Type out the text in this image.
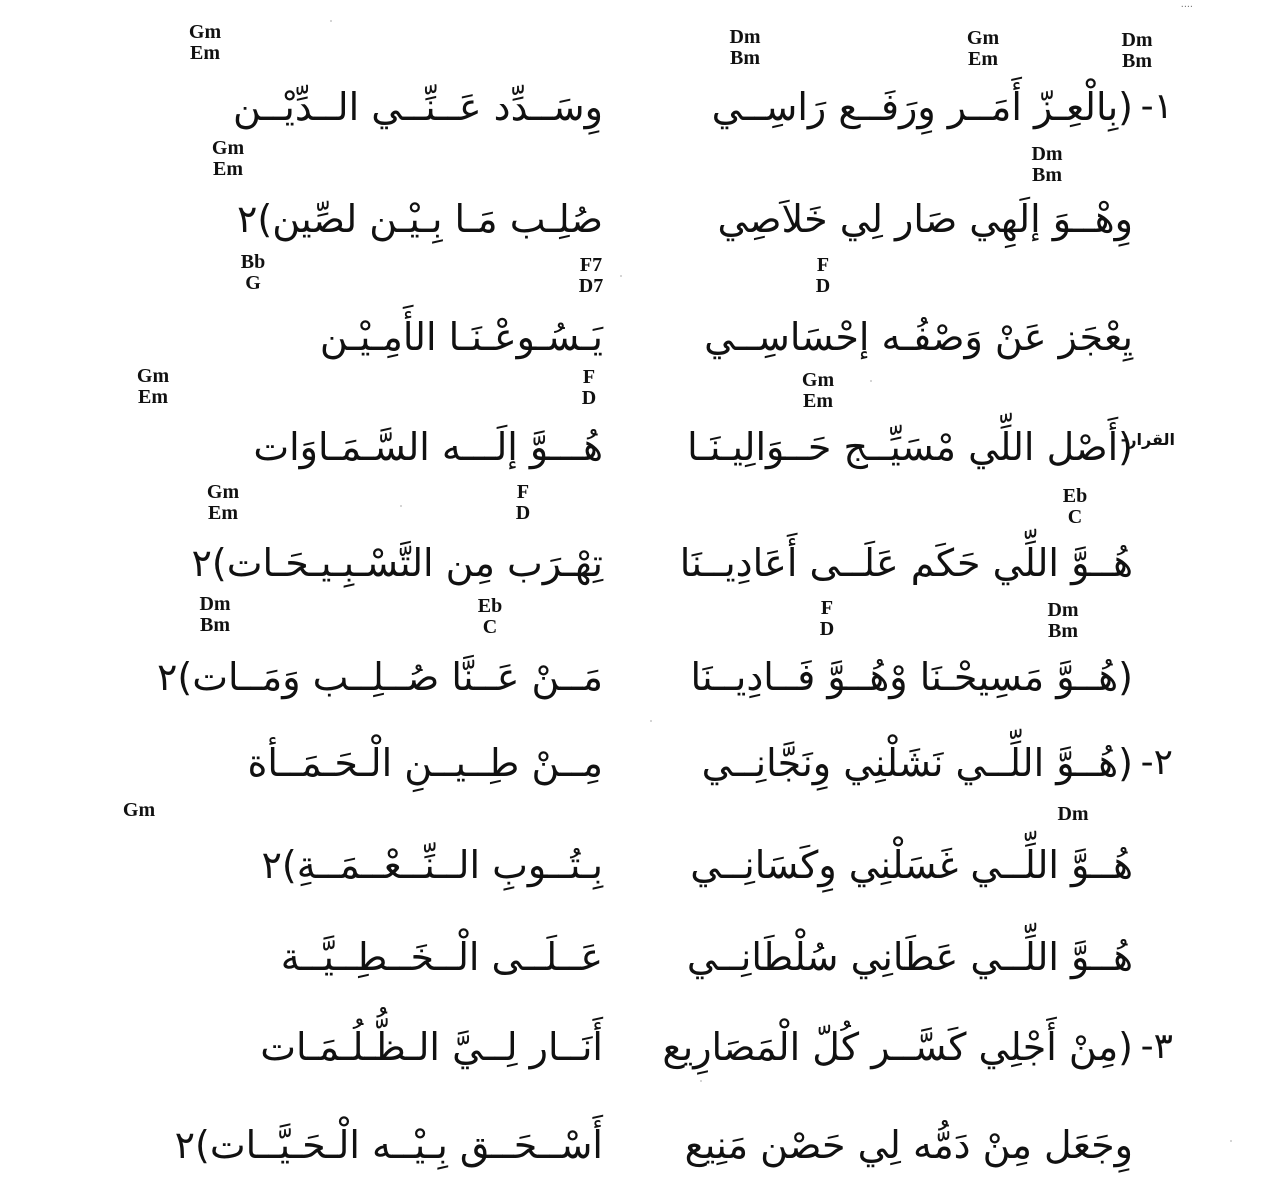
....
Gm
Em
Dm
Bm
Gm
Em
Dm
Bm
١-
(بِالْعِـزّ أَمَــر وِرَفَــع رَاسِــي
وِسَــدِّد عَــنِّــي الــدِّيْــن
Gm
Em
Dm
Bm
وِهْــوَ إلَهِي صَار لِي خَلاَصِي
صُلِـب مَـا بِـيْـن لصِّين)٢
Bb
G
F7
D7
F
D
يِعْجَز عَنْ وَصْفُـه إحْسَاسِــي
يَـسُـوعْـنَـا الأَمِـيْـن
Gm
Em
F
D
Gm
Em
القرار-
(أَصْل اللِّي مْسَيِّــج حَــوَالِيـنَـا
هُـــوَّ إلَـــه السَّـمَـاوَات
Gm
Em
F
D
Eb
C
هُــوَّ اللِّي حَكَم عَلَــى أَعَادِيــنَا
تِهْـرَب مِن التَّسْـبِـيـحَـات)٢
Dm
Bm
Eb
C
F
D
Dm
Bm
(هُــوَّ مَسِيحْـنَا وْهُــوَّ فَــادِيــنَا
مَــنْ عَــنَّا صُــلِــب وَمَــات)٢
٢-
(هُــوَّ اللِّــي نَشَلْنِي وِنَجَّانِــي
مِــنْ طِــيــنِ الْـحَـمَــأة
Gm	Dm
هُــوَّ اللِّــي غَسَلْنِي وِكَسَانِــي
بِـتُــوبِ الــنِّــعْــمَــةِ)٢
هُــوَّ اللِّــي عَطَانِي سُلْطَانِــي
عَــلَــى الْــخَــطِــيَّــة
٣-
(مِنْ أَجْلِي كَسَّــر كُلّ الْمَصَارِيع
أَنَــار لِــيَّ الـظُّـلُـمَـات
وِجَعَل مِنْ دَمُّه لِي حَصْن مَنِيع
أَسْــحَــق بِـيْــه الْـحَـيَّــات)٢
